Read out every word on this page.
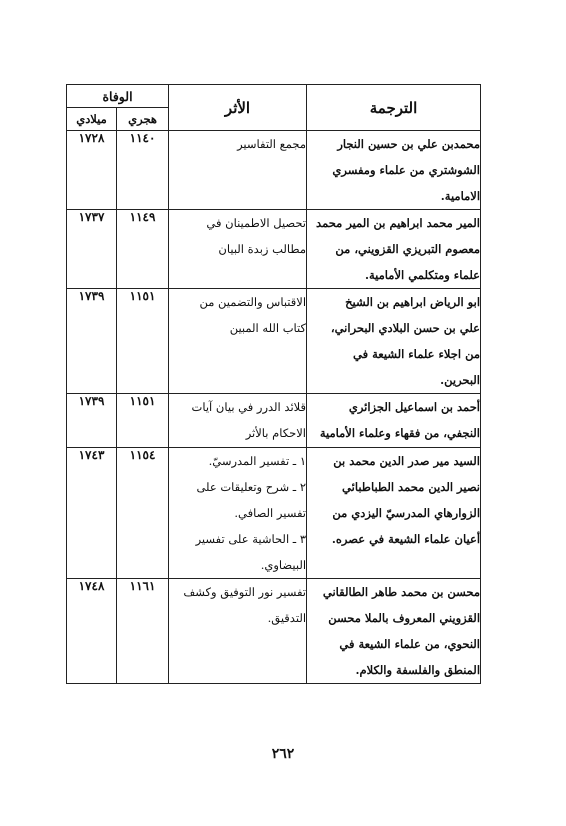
الترجمة	الأثر	الوفاة	
		هجري	ميلادي

محمدبن علي بن حسين النجار
الشوشتري من علماء ومفسري
الامامية.	مجمع التفاسير	١١٤٠	١٧٢٨

المير محمد ابراهيم بن المير محمد
معصوم التبريزي القزويني، من
علماء ومتكلمي الأمامية.	تحصيل الاطمينان في
مطالب زبدة البيان	١١٤٩	١٧٣٧

ابو الرياض ابراهيم بن الشيخ
علي بن حسن البلادي البحراني،
من اجلاء علماء الشيعة في
البحرين.	الاقتباس والتضمين من
كتاب الله المبين	١١٥١	١٧٣٩

أحمد بن اسماعيل الجزائري
النجفي، من فقهاء وعلماء الأمامية	قلائد الدرر في بيان آيات
الاحكام بالأثر	١١٥١	١٧٣٩

السيد مير صدر الدين محمد بن
نصير الدين محمد الطباطبائي
الزوارهاي المدرسيّ اليزدي من
أعيان علماء الشيعة في عصره.	١ ـ تفسير المدرسيّ.
٢ ـ شرح وتعليقات على
تفسير الصافي.
٣ ـ الحاشية على تفسير
البيضاوي.	١١٥٤	١٧٤٣

محسن بن محمد طاهر الطالقاني
القزويني المعروف بالملا محسن
النحوي، من علماء الشيعة في
المنطق والفلسفة والكلام.	تفسير نور التوفيق وكشف
التدقيق.	١١٦١	١٧٤٨
٢٦٢
